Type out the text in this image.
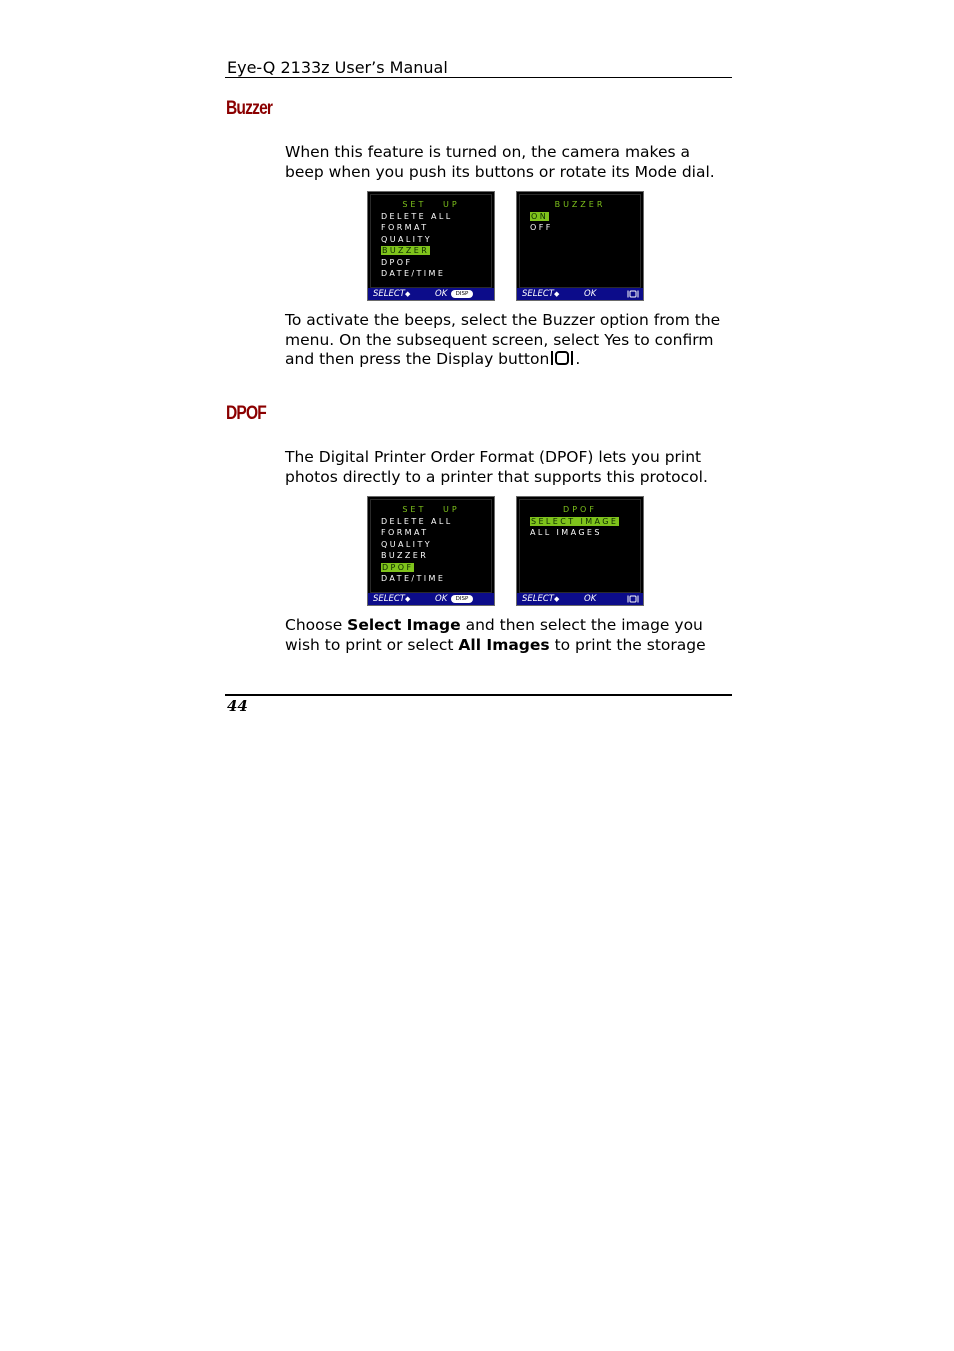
Eye-Q 2133z User’s Manual
Buzzer

When this feature is turned on, the camera makes a
beep when you push its buttons or rotate its Mode dial.

SET   UP
DELETE ALL
FORMAT
QUALITY
BUZZER
DPOF
DATE/TIME
SELECT◆	OK	DISP
BUZZER
ON
OFF
SELECT◆	OK

To activate the beeps, select the Buzzer option from the
menu. On the subsequent screen, select Yes to confirm
and then press the Display button .

DPOF

The Digital Printer Order Format (DPOF) lets you print
photos directly to a printer that supports this protocol.

SET   UP
DELETE ALL
FORMAT
QUALITY
BUZZER
DPOF
DATE/TIME
SELECT◆	OK	DISP
DPOF
SELECT IMAGE
ALL IMAGES
SELECT◆	OK

Choose Select Image and then select the image you
wish to print or select All Images to print the storage

44
